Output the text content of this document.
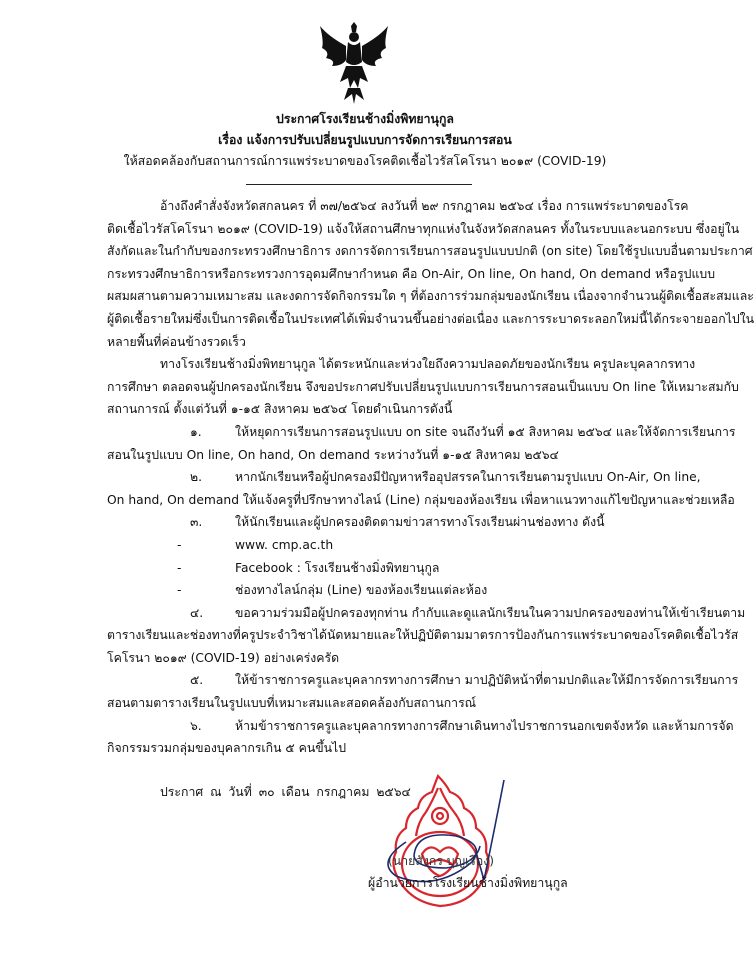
ประกาศโรงเรียนช้างมิ่งพิทยานุกูล
เรื่อง แจ้งการปรับเปลี่ยนรูปแบบการจัดการเรียนการสอน
ให้สอดคล้องกับสถานการณ์การแพร่ระบาดของโรคติดเชื้อไวรัสโคโรนา ๒๐๑๙ (COVID-19)
อ้างถึงคำสั่งจังหวัดสกลนคร ที่ ๓๗/๒๕๖๔ ลงวันที่ ๒๙ กรกฎาคม ๒๕๖๔ เรื่อง การแพร่ระบาดของโรค
ติดเชื้อไวรัสโคโรนา ๒๐๑๙ (COVID-19) แจ้งให้สถานศึกษาทุกแห่งในจังหวัดสกลนคร ทั้งในระบบและนอกระบบ ซึ่งอยู่ใน
สังกัดและในกำกับของกระทรวงศึกษาธิการ งดการจัดการเรียนการสอนรูปแบบปกติ (on site) โดยใช้รูปแบบอื่นตามประกาศ
กระทรวงศึกษาธิการหรือกระทรวงการอุดมศึกษากำหนด คือ On-Air, On line, On hand, On demand หรือรูปแบบ
ผสมผสานตามความเหมาะสม และงดการจัดกิจกรรมใด ๆ ที่ต้องการร่วมกลุ่มของนักเรียน เนื่องจากจำนวนผู้ติดเชื้อสะสมและ
ผู้ติดเชื้อรายใหม่ซึ่งเป็นการติดเชื้อในประเทศได้เพิ่มจำนวนขึ้นอย่างต่อเนื่อง และการระบาดระลอกใหม่นี้ได้กระจายออกไปใน
หลายพื้นที่ค่อนข้างรวดเร็ว
ทางโรงเรียนช้างมิ่งพิทยานุกูล ได้ตระหนักและห่วงใยถึงความปลอดภัยของนักเรียน ครูปละบุคลากรทาง
การศึกษา ตลอดจนผู้ปกครองนักเรียน จึงขอประกาศปรับเปลี่ยนรูปแบบการเรียนการสอนเป็นแบบ On line ให้เหมาะสมกับ
สถานการณ์ ตั้งแต่วันที่ ๑-๑๕ สิงหาคม ๒๕๖๔ โดยดำเนินการดังนี้
๑.	ให้หยุดการเรียนการสอนรูปแบบ on site จนถึงวันที่ ๑๕ สิงหาคม ๒๕๖๔ และให้จัดการเรียนการ
สอนในรูปแบบ On line, On hand, On demand ระหว่างวันที่ ๑-๑๕ สิงหาคม ๒๕๖๔
๒.	หากนักเรียนหรือผู้ปกครองมีปัญหาหรืออุปสรรคในการเรียนตามรูปแบบ On-Air, On line,
On hand, On demand ให้แจ้งครูที่ปรึกษาทางไลน์ (Line) กลุ่มของห้องเรียน เพื่อหาแนวทางแก้ไขปัญหาและช่วยเหลือ
๓.	ให้นักเรียนและผู้ปกครองติดตามข่าวสารทางโรงเรียนผ่านช่องทาง ดังนี้
-	www. cmp.ac.th
-	Facebook : โรงเรียนช้างมิ่งพิทยานุกูล
-	ช่องทางไลน์กลุ่ม (Line) ของห้องเรียนแต่ละห้อง
๔.	ขอความร่วมมือผู้ปกครองทุกท่าน กำกับและดูแลนักเรียนในความปกครองของท่านให้เข้าเรียนตาม
ตารางเรียนและช่องทางที่ครูประจำวิชาได้นัดหมายและให้ปฏิบัติตามมาตรการป้องกันการแพร่ระบาดของโรคติดเชื้อไวรัส
โคโรนา ๒๐๑๙ (COVID-19) อย่างเคร่งครัด
๕.	ให้ข้าราชการครูและบุคลากรทางการศึกษา มาปฏิบัติหน้าที่ตามปกติและให้มีการจัดการเรียนการ
สอนตามตารางเรียนในรูปแบบที่เหมาะสมและสอดคล้องกับสถานการณ์
๖.	ห้ามข้าราชการครูและบุคลากรทางการศึกษาเดินทางไปราชการนอกเขตจังหวัด และห้ามการจัด
กิจกรรมรวมกลุ่มของบุคลากรเกิน ๕ คนขึ้นไป
ประกาศ ณ วันที่ ๓๐ เดือน กรกฎาคม ๒๕๖๔
(นายสังกร บุญเรือง)
ผู้อำนวยการโรงเรียนช้างมิ่งพิทยานุกูล
